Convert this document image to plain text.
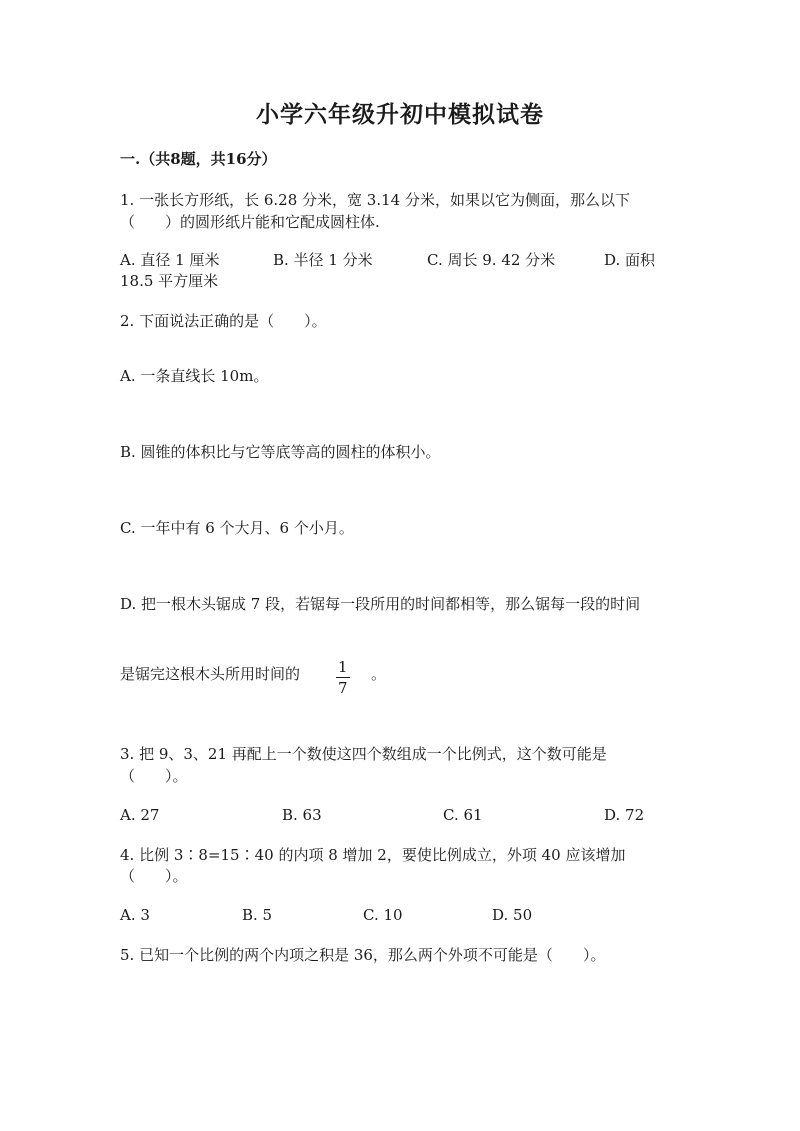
小学六年级升初中模拟试卷
一.（共8题，共16分）
1. 一张长方形纸，长 6.28 分米，宽 3.14 分米，如果以它为侧面，那么以下
（　　）的圆形纸片能和它配成圆柱体.
A. 直径 1 厘米	B. 半径 1 分米	C. 周长 9. 42 分米	D. 面积
18.5 平方厘米
2. 下面说法正确的是（　　）。
A. 一条直线长 10m。
B. 圆锥的体积比与它等底等高的圆柱的体积小。
C. 一年中有 6 个大月、6 个小月。
D. 把一根木头锯成 7 段，若锯每一段所用的时间都相等，那么锯每一段的时间
是锯完这根木头所用时间的	1
7
。
3. 把 9、3、21 再配上一个数使这四个数组成一个比例式，这个数可能是
（　　）。
A. 27	B. 63	C. 61	D. 72
4. 比例 3∶8=15∶40 的内项 8 增加 2，要使比例成立，外项 40 应该增加
（　　）。
A. 3	B. 5	C. 10	D. 50
5. 已知一个比例的两个内项之积是 36，那么两个外项不可能是（　　）。
